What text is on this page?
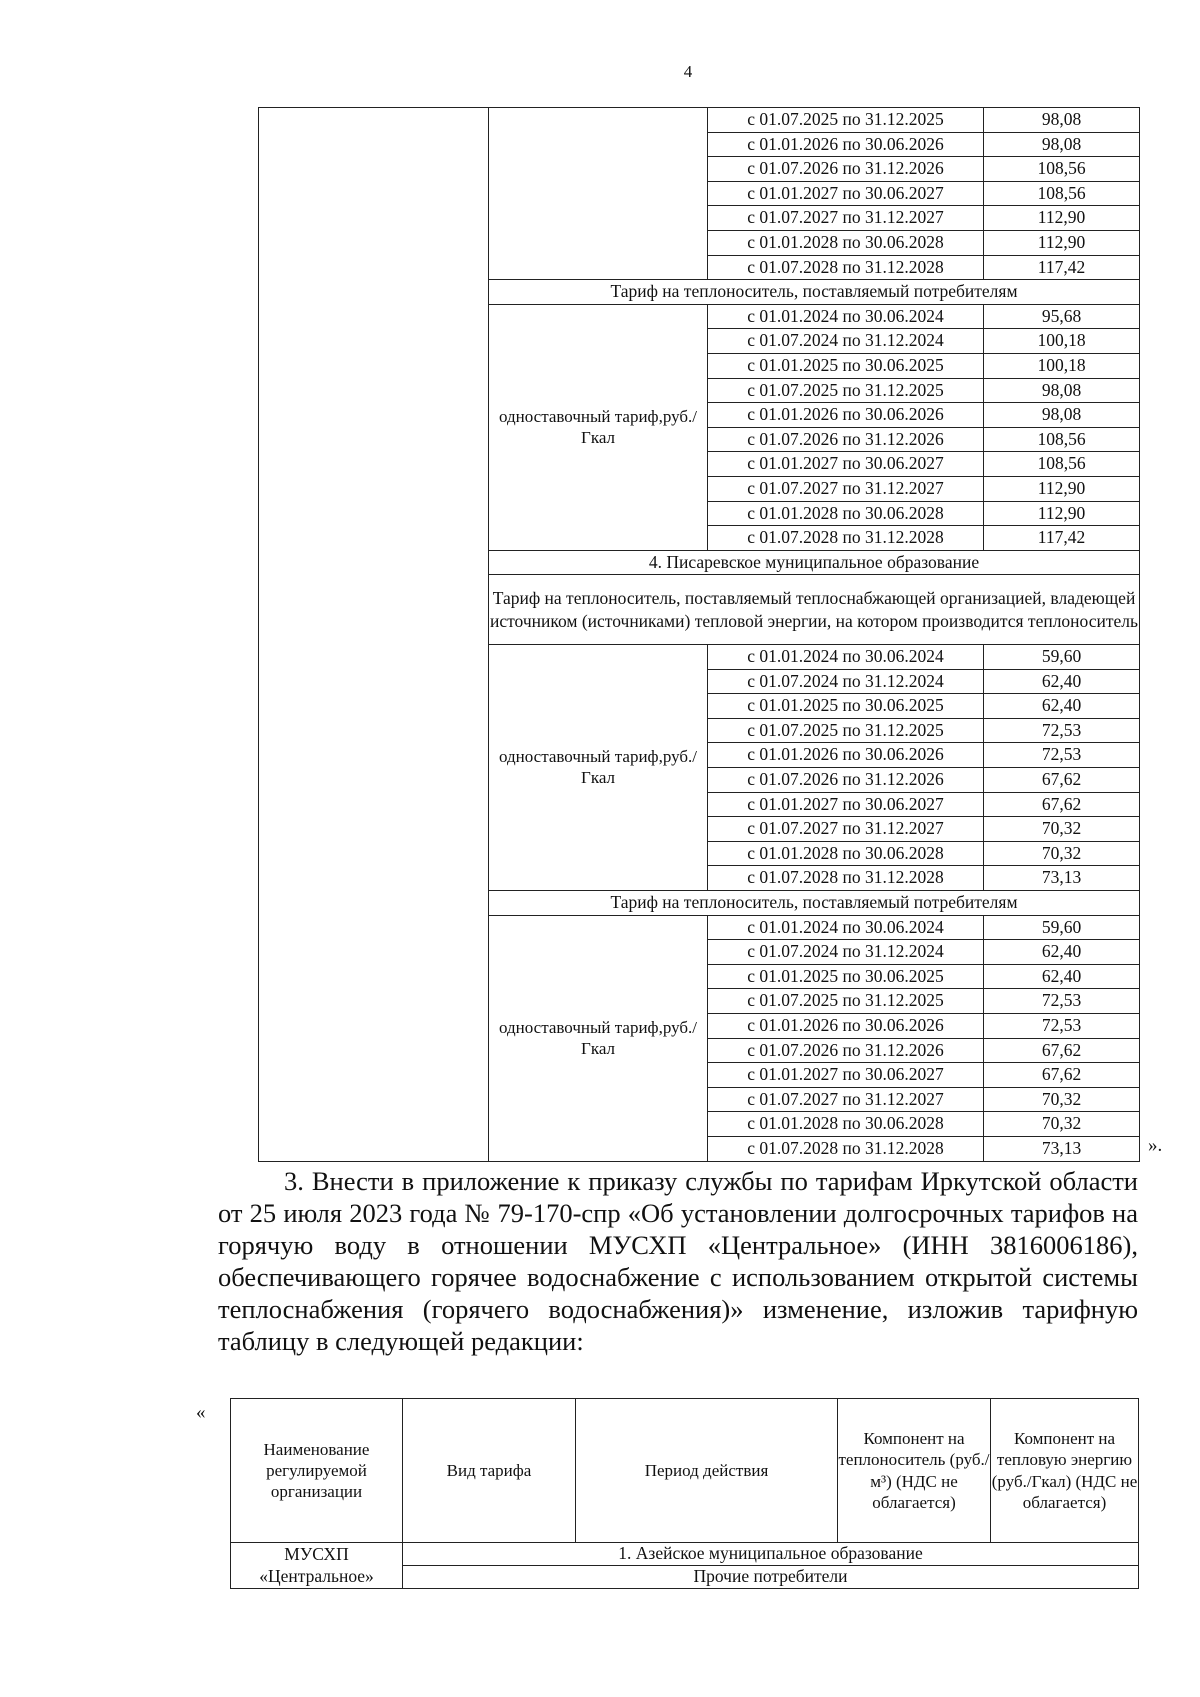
4
		с 01.07.2025 по 31.12.2025	98,08
		с 01.01.2026 по 30.06.2026	98,08
		с 01.07.2026 по 31.12.2026	108,56
		с 01.01.2027 по 30.06.2027	108,56
		с 01.07.2027 по 31.12.2027	112,90
		с 01.01.2028 по 30.06.2028	112,90
		с 01.07.2028 по 31.12.2028	117,42
	Тариф на теплоноситель, поставляемый потребителям		
	одноставочный тариф,руб./Гкал	с 01.01.2024 по 30.06.2024	95,68
		с 01.07.2024 по 31.12.2024	100,18
		с 01.01.2025 по 30.06.2025	100,18
		с 01.07.2025 по 31.12.2025	98,08
		с 01.01.2026 по 30.06.2026	98,08
		с 01.07.2026 по 31.12.2026	108,56
		с 01.01.2027 по 30.06.2027	108,56
		с 01.07.2027 по 31.12.2027	112,90
		с 01.01.2028 по 30.06.2028	112,90
		с 01.07.2028 по 31.12.2028	117,42
	4. Писаревское муниципальное образование		
	Тариф на теплоноситель, поставляемый теплоснабжающей организацией, владеющей источником (источниками) тепловой энергии, на котором производится теплоноситель		
	одноставочный тариф,руб./Гкал	с 01.01.2024 по 30.06.2024	59,60
		с 01.07.2024 по 31.12.2024	62,40
		с 01.01.2025 по 30.06.2025	62,40
		с 01.07.2025 по 31.12.2025	72,53
		с 01.01.2026 по 30.06.2026	72,53
		с 01.07.2026 по 31.12.2026	67,62
		с 01.01.2027 по 30.06.2027	67,62
		с 01.07.2027 по 31.12.2027	70,32
		с 01.01.2028 по 30.06.2028	70,32
		с 01.07.2028 по 31.12.2028	73,13
	Тариф на теплоноситель, поставляемый потребителям		
	одноставочный тариф,руб./Гкал	с 01.01.2024 по 30.06.2024	59,60
		с 01.07.2024 по 31.12.2024	62,40
		с 01.01.2025 по 30.06.2025	62,40
		с 01.07.2025 по 31.12.2025	72,53
		с 01.01.2026 по 30.06.2026	72,53
		с 01.07.2026 по 31.12.2026	67,62
		с 01.01.2027 по 30.06.2027	67,62
		с 01.07.2027 по 31.12.2027	70,32
		с 01.01.2028 по 30.06.2028	70,32
		с 01.07.2028 по 31.12.2028	73,13	».
3. Внести в приложение к приказу службы по тарифам Иркутской области от 25 июля 2023 года № 79-170-спр «Об установлении долгосрочных тарифов на горячую воду в отношении МУСХП «Центральное» (ИНН 3816006186), обеспечивающего горячее водоснабжение с использованием открытой системы теплоснабжения (горячего водоснабжения)» изменение, изложив тарифную таблицу в следующей редакции:
«
Наименование регулируемой организации	Вид тарифа	Период действия	Компонент на теплоноситель (руб./м³) (НДС не облагается)	Компонент на тепловую энергию (руб./Гкал) (НДС не облагается)
МУСХП «Центральное»	1. Азейское муниципальное образование			
	Прочие потребители			
